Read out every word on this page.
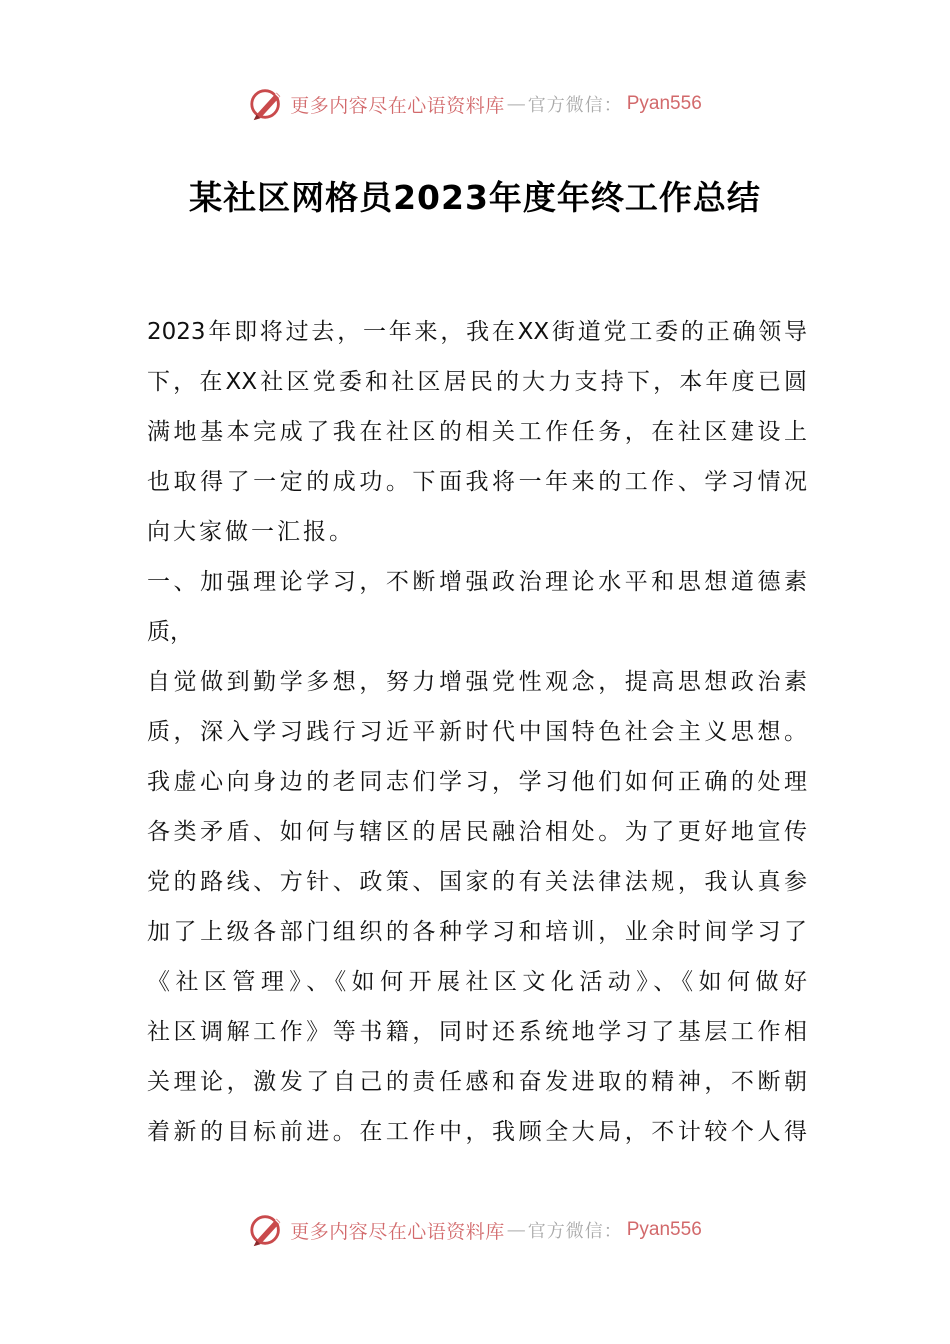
更多内容尽在心语资料库 — 官方微信： Pyan556
某社区网格员2023年度年终工作总结
2023年即将过去，一年来，我在XX街道党工委的正确领导
下，在XX社区党委和社区居民的大力支持下，本年度已圆
满地基本完成了我在社区的相关工作任务，在社区建设上
也取得了一定的成功。下面我将一年来的工作、学习情况
向大家做一汇报。
一、加强理论学习，不断增强政治理论水平和思想道德素
质，
自觉做到勤学多想，努力增强党性观念，提高思想政治素
质，深入学习践行习近平新时代中国特色社会主义思想。
我虚心向身边的老同志们学习，学习他们如何正确的处理
各类矛盾、如何与辖区的居民融洽相处。为了更好地宣传
党的路线、方针、政策、国家的有关法律法规，我认真参
加了上级各部门组织的各种学习和培训，业余时间学习了
《社区管理》、《如何开展社区文化活动》、《如何做好
社区调解工作》等书籍，同时还系统地学习了基层工作相
关理论，激发了自己的责任感和奋发进取的精神，不断朝
着新的目标前进。在工作中，我顾全大局，不计较个人得
更多内容尽在心语资料库 — 官方微信： Pyan556
